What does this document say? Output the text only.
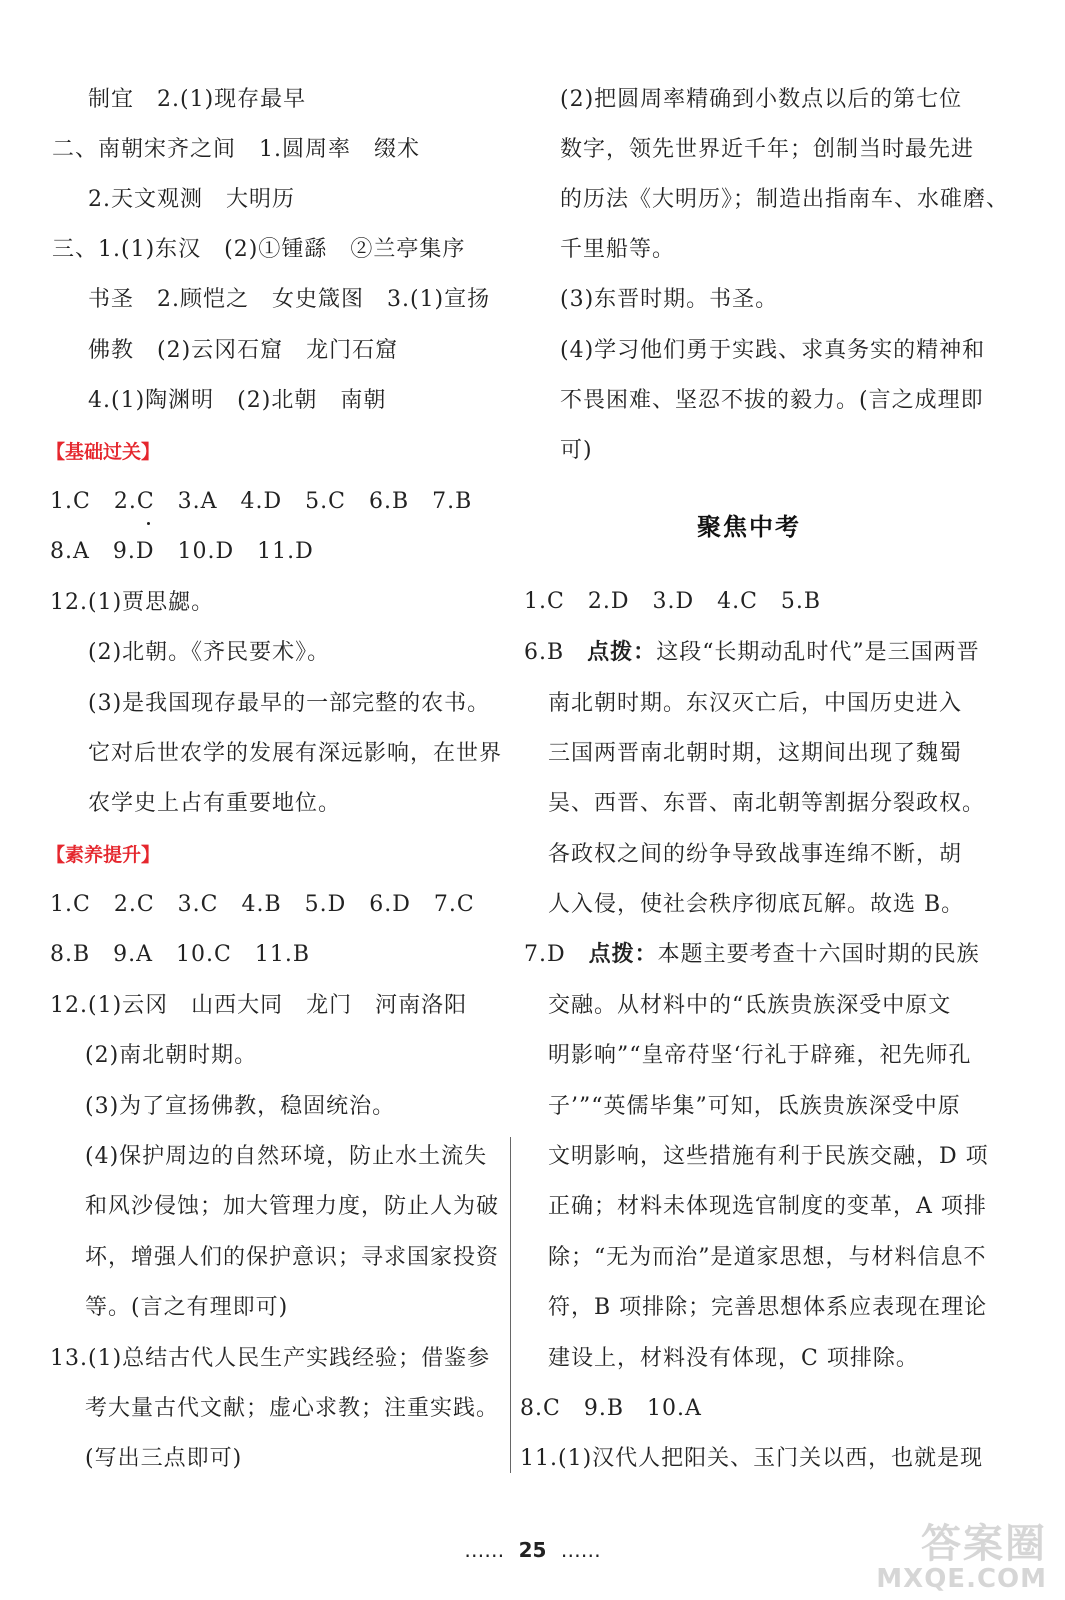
制宜　2.(1)现存最早
二、南朝宋齐之间　1.圆周率　缀术
2.天文观测　大明历
三、1.(1)东汉　(2)①锺繇　②兰亭集序
书圣　2.顾恺之　女史箴图　3.(1)宣扬
佛教　(2)云冈石窟　龙门石窟
4.(1)陶渊明　(2)北朝　南朝
【基础过关】
1.C　2.C　3.A　4.D　5.C　6.B　7.B
8.A　9.D　10.D　11.D
12.(1)贾思勰。
(2)北朝。《齐民要术》。
(3)是我国现存最早的一部完整的农书。
它对后世农学的发展有深远影响，在世界
农学史上占有重要地位。
【素养提升】
1.C　2.C　3.C　4.B　5.D　6.D　7.C
8.B　9.A　10.C　11.B
12.(1)云冈　山西大同　龙门　河南洛阳
(2)南北朝时期。
(3)为了宣扬佛教，稳固统治。
(4)保护周边的自然环境，防止水土流失
和风沙侵蚀；加大管理力度，防止人为破
坏，增强人们的保护意识；寻求国家投资
等。(言之有理即可)
13.(1)总结古代人民生产实践经验；借鉴参
考大量古代文献；虚心求教；注重实践。
(写出三点即可)
(2)把圆周率精确到小数点以后的第七位
数字，领先世界近千年；创制当时最先进
的历法《大明历》；制造出指南车、水碓磨、
千里船等。
(3)东晋时期。书圣。
(4)学习他们勇于实践、求真务实的精神和
不畏困难、坚忍不拔的毅力。(言之成理即
可)
聚焦中考
1.C　2.D　3.D　4.C　5.B
6.B　点拨：这段“长期动乱时代”是三国两晋
南北朝时期。东汉灭亡后，中国历史进入
三国两晋南北朝时期，这期间出现了魏蜀
吴、西晋、东晋、南北朝等割据分裂政权。
各政权之间的纷争导致战事连绵不断，胡
人入侵，使社会秩序彻底瓦解。故选 B。
7.D　点拨：本题主要考查十六国时期的民族
交融。从材料中的“氐族贵族深受中原文
明影响”“皇帝苻坚‘行礼于辟雍，祀先师孔
子’”“英儒毕集”可知，氐族贵族深受中原
文明影响，这些措施有利于民族交融，D 项
正确；材料未体现选官制度的变革，A 项排
除；“无为而治”是道家思想，与材料信息不
符，B 项排除；完善思想体系应表现在理论
建设上，材料没有体现，C 项排除。
8.C　9.B　10.A
11.(1)汉代人把阳关、玉门关以西，也就是现
…… 25 ……	答案圈
MXQE.COM
